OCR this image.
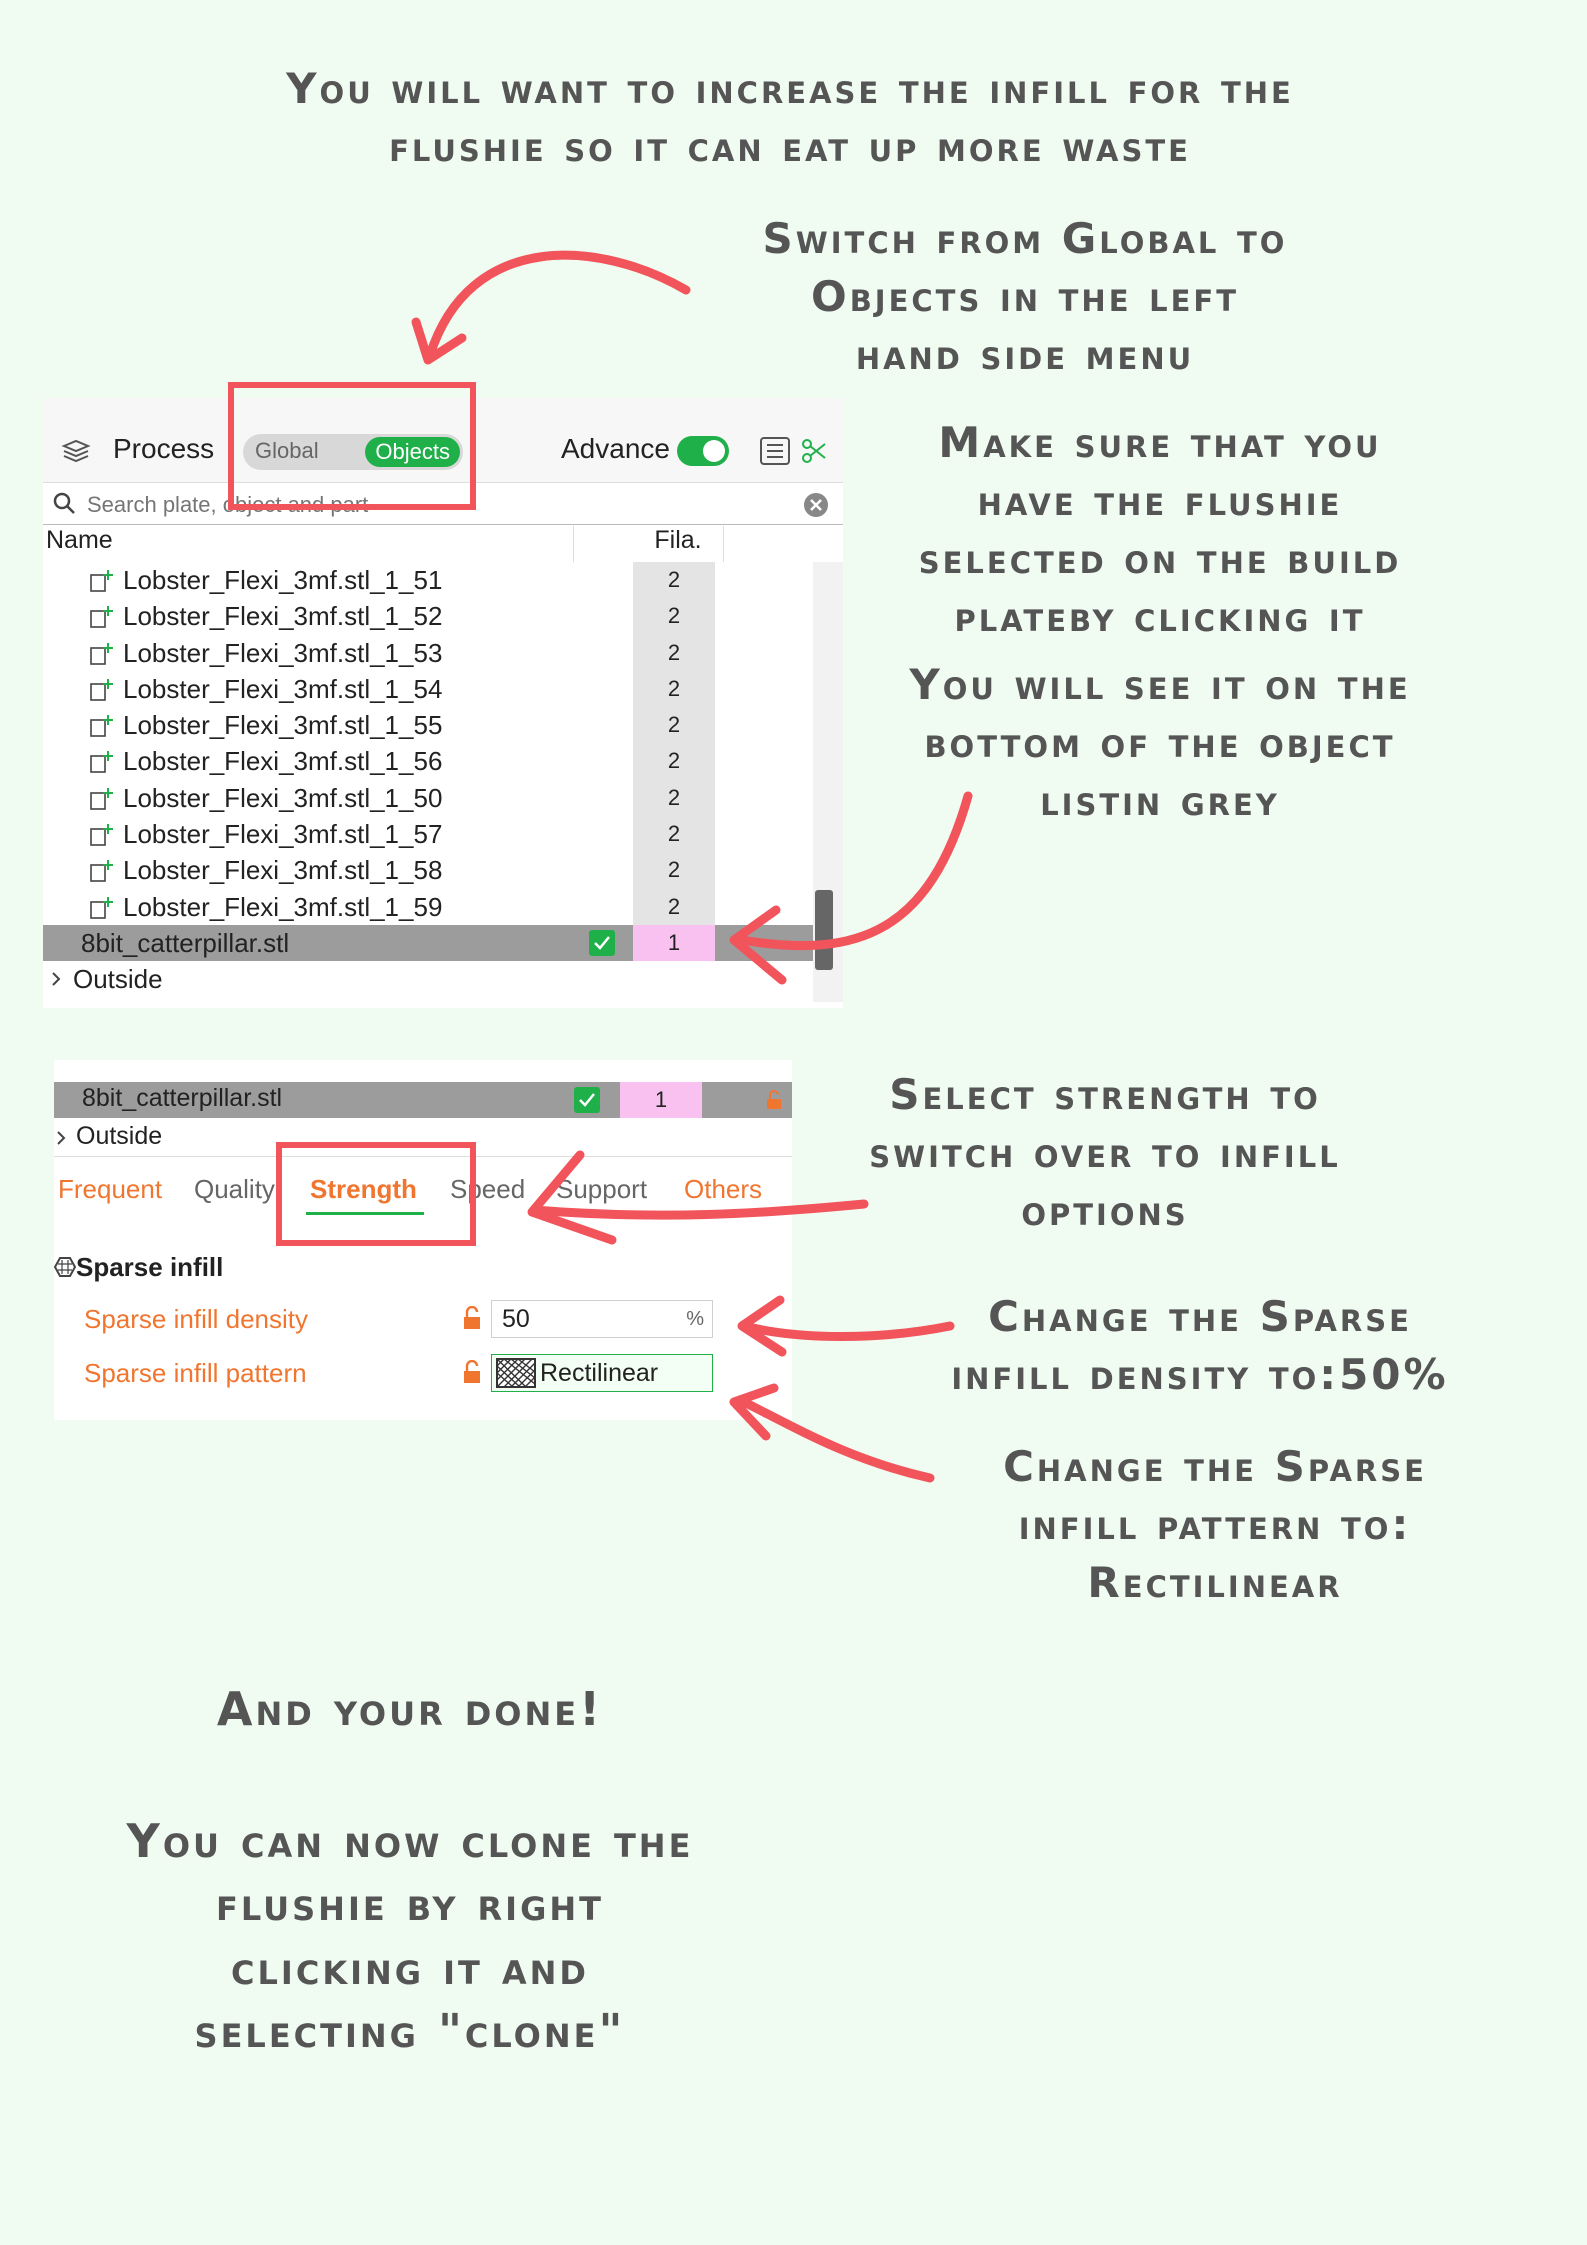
You will want to increase the infill for the
flushie so it can eat up more waste
Switch from Global to
Objects in the left
hand side menu
Make sure that you
have the flushie
selected on the build
plateby clicking it
You will see it on the
bottom of the object
listin grey
Select strength to
switch over to infill
options
Change the Sparse
infill density to:50%
Change the Sparse
infill pattern to:
Rectilinear
And your done!
You can now clone the
flushie by right
clicking it and
selecting "clone"
Process Global	Objects	Advance
Search plate, object and part
Name	Fila.
Lobster_Flexi_3mf.stl_1_51	2
Lobster_Flexi_3mf.stl_1_52	2
Lobster_Flexi_3mf.stl_1_53	2
Lobster_Flexi_3mf.stl_1_54	2
Lobster_Flexi_3mf.stl_1_55	2
Lobster_Flexi_3mf.stl_1_56	2
Lobster_Flexi_3mf.stl_1_50	2
Lobster_Flexi_3mf.stl_1_57	2
Lobster_Flexi_3mf.stl_1_58	2
Lobster_Flexi_3mf.stl_1_59	2
8bit_catterpillar.stl	1
Outside
8bit_catterpillar.stl	1
Outside
Frequent Quality Strength Speed Support Others
Sparse infill
Sparse infill density	50	%
Sparse infill pattern	Rectilinear
